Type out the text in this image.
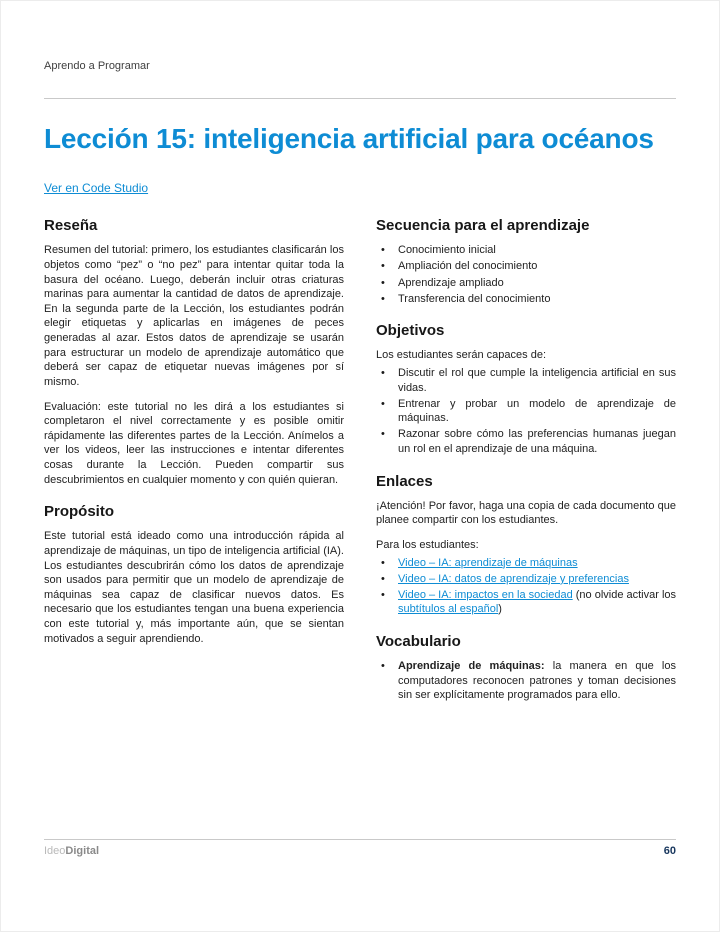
Aprendo a Programar
Lección 15: inteligencia artificial para océanos

Ver en Code Studio
Reseña

Resumen del tutorial: primero, los estudiantes clasificarán los objetos como “pez” o “no pez” para intentar quitar toda la basura del océano. Luego, deberán incluir otras criaturas marinas para aumentar la cantidad de datos de aprendizaje. En la segunda parte de la Lección, los estudiantes podrán elegir etiquetas y aplicarlas en imágenes de peces generadas al azar. Estos datos de aprendizaje se usarán para estructurar un modelo de aprendizaje automático que deberá ser capaz de etiquetar nuevas imágenes por sí mismo.

Evaluación: este tutorial no les dirá a los estudiantes si completaron el nivel correctamente y es posible omitir rápidamente las diferentes partes de la Lección. Anímelos a ver los videos, leer las instrucciones e intentar diferentes cosas durante la Lección. Pueden compartir sus descubrimientos en cualquier momento y con quién quieran.

Propósito

Este tutorial está ideado como una introducción rápida al aprendizaje de máquinas, un tipo de inteligencia artificial (IA). Los estudiantes descubrirán cómo los datos de aprendizaje son usados para permitir que un modelo de aprendizaje de máquinas sea capaz de clasificar nuevos datos. Es necesario que los estudiantes tengan una buena experiencia con este tutorial y, más importante aún, que se sientan motivados a seguir aprendiendo.

Secuencia para el aprendizaje
• Conocimiento inicial
• Ampliación del conocimiento
• Aprendizaje ampliado
• Transferencia del conocimiento
Objetivos

Los estudiantes serán capaces de:

• Discutir el rol que cumple la inteligencia artificial en sus vidas.
• Entrenar y probar un modelo de aprendizaje de máquinas.
• Razonar sobre cómo las preferencias humanas juegan un rol en el aprendizaje de una máquina.
Enlaces

¡Atención! Por favor, haga una copia de cada documento que planee compartir con los estudiantes.

Para los estudiantes:

• Video – IA: aprendizaje de máquinas
• Video – IA: datos de aprendizaje y preferencias
• Video – IA: impactos en la sociedad (no olvide activar los subtítulos al español)
Vocabulario
• Aprendizaje de máquinas: la manera en que los computadores reconocen patrones y toman decisiones sin ser explícitamente programados para ello.
IdeoDigital	60
